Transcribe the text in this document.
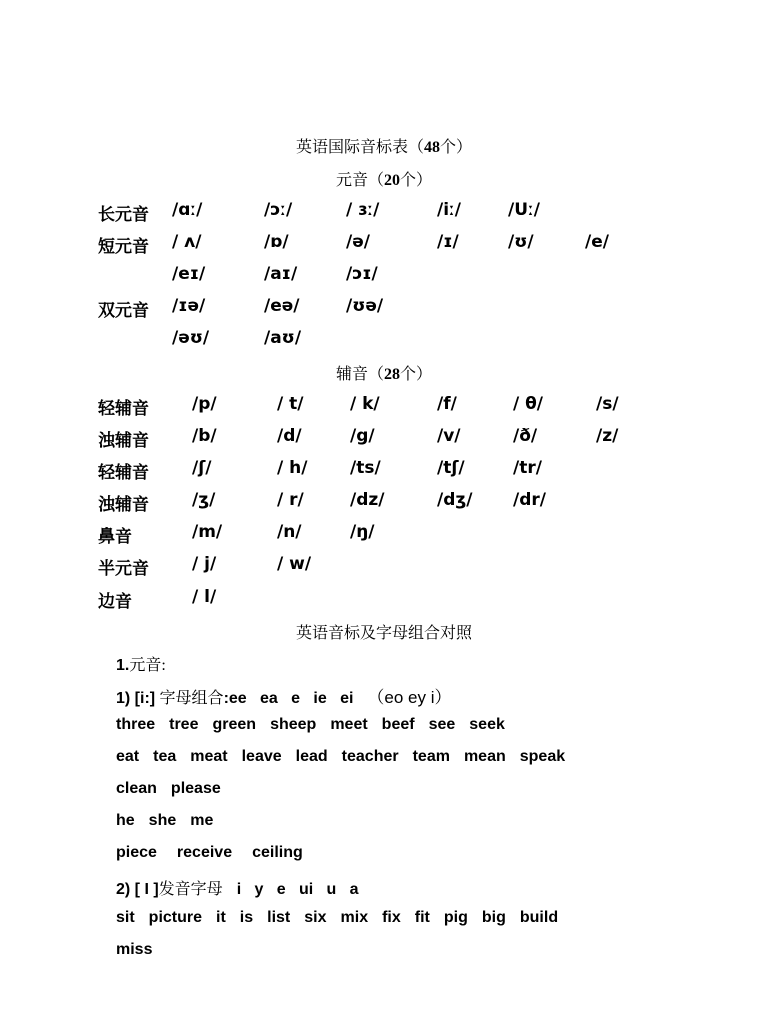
英语国际音标表（48个）
元音（20个）
长元音 /ɑː/	/ɔː/	/ ɜː/	/iː/	/Uː/
短元音 / ʌ/	/ɒ/	/ə/	/ɪ/	/ʊ/	/e/
/eɪ/	/aɪ/	/ɔɪ/
双元音 /ɪə/	/eə/	/ʊə/
/əʊ/	/aʊ/
辅音（28个）
轻辅音	/p/	/ t/	/ k/	/f/	/ θ/	/s/
浊辅音	/b/	/d/	/g/	/v/	/ð/	/z/
轻辅音	/ʃ/	/ h/	/ts/	/tʃ/	/tr/
浊辅音	/ʒ/	/ r/	/dz/	/dʒ/ /dr/
鼻音	/m/	/n/	/ŋ/
半元音	/ j/	/ w/
边音	/ l/
英语音标及字母组合对照
1.元音:
1) [i:] 字母组合:ee   ea   e   ie   ei （eo ey i）
three tree green sheep meet beef see seek
eat tea meat leave lead teacher team mean speak
clean please
he she me
piece receive ceiling
2) [ I ]发音字母 i   y   e   ui   u   a
sit picture it is list six mix fix fit pig big build
miss
